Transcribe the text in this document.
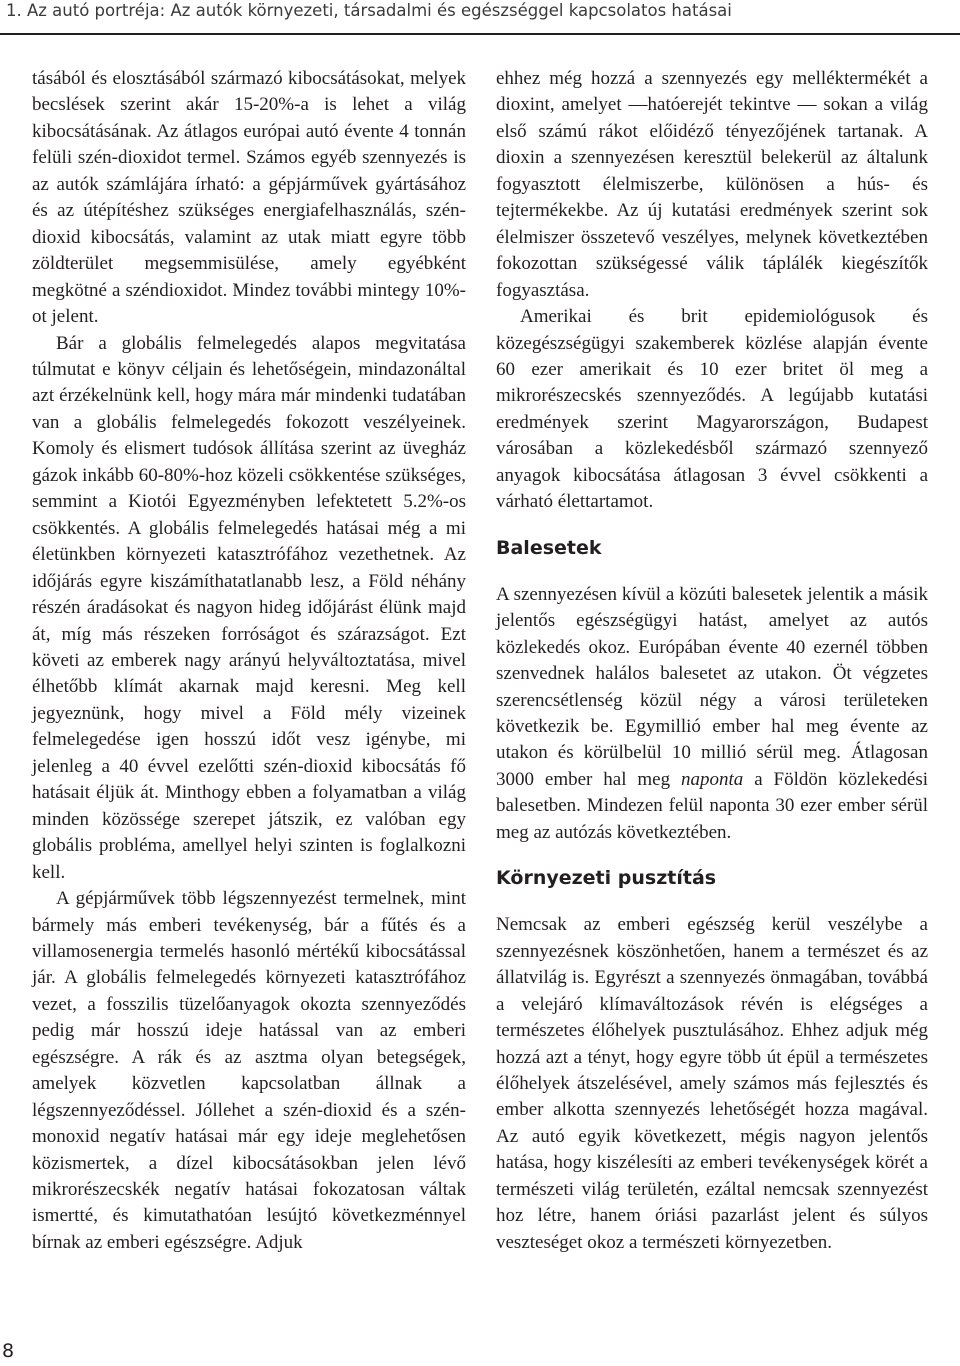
1. Az autó portréja: Az autók környezeti, társadalmi és egészséggel kapcsolatos hatásai

tásából és elosztásából származó kibocsátásokat, melyek becslések szerint akár 15-20%-a is lehet a világ kibocsátásának. Az átlagos európai autó évente 4 tonnán felüli szén-dioxidot termel. Számos egyéb szennyezés is az autók számlájára írható: a gépjárművek gyártásához és az útépítéshez szükséges energiafelhasználás, szén-dioxid kibocsátás, valamint az utak miatt egyre több zöldterület megsemmisülése, amely egyébként megkötné a széndioxidot. Mindez további mintegy 10%-ot jelent.

Bár a globális felmelegedés alapos megvitatása túlmutat e könyv céljain és lehetőségein, mindazonáltal azt érzékelnünk kell, hogy mára már mindenki tudatában van a globális felmelegedés fokozott veszélyeinek. Komoly és elismert tudósok állítása szerint az üvegház gázok inkább 60-80%-hoz közeli csökkentése szükséges, semmint a Kiotói Egyezményben lefektetett 5.2%-os csökkentés. A globális felmelegedés hatásai még a mi életünkben környezeti katasztrófához vezethetnek. Az időjárás egyre kiszámíthatatlanabb lesz, a Föld néhány részén áradásokat és nagyon hideg időjárást élünk majd át, míg más részeken forróságot és szárazságot. Ezt követi az emberek nagy arányú helyváltoztatása, mivel élhetőbb klímát akarnak majd keresni. Meg kell jegyeznünk, hogy mivel a Föld mély vizeinek felmelegedése igen hosszú időt vesz igénybe, mi jelenleg a 40 évvel ezelőtti szén-dioxid kibocsátás fő hatásait éljük át. Minthogy ebben a folyamatban a világ minden közössége szerepet játszik, ez valóban egy globális probléma, amellyel helyi szinten is foglalkozni kell.

A gépjárművek több légszennyezést termelnek, mint bármely más emberi tevékenység, bár a fűtés és a villamosenergia termelés hasonló mértékű kibocsátással jár. A globális felmelegedés környezeti katasztrófához vezet, a fosszilis tüzelőanyagok okozta szennyeződés pedig már hosszú ideje hatással van az emberi egészségre. A rák és az asztma olyan betegségek, amelyek közvetlen kapcsolatban állnak a légszennyeződéssel. Jóllehet a szén-dioxid és a szén-monoxid negatív hatásai már egy ideje meglehetősen közismertek, a dízel kibocsátásokban jelen lévő mikrorészecskék negatív hatásai fokozatosan váltak ismertté, és kimutathatóan lesújtó következménnyel bírnak az emberi egészségre. Adjuk

ehhez még hozzá a szennyezés egy melléktermékét a dioxint, amelyet —hatóerejét tekintve — sokan a világ első számú rákot előidéző tényezőjének tartanak. A dioxin a szennyezésen keresztül belekerül az általunk fogyasztott élelmiszerbe, különösen a hús- és tejtermékekbe. Az új kutatási eredmények szerint sok élelmiszer összetevő veszélyes, melynek következtében fokozottan szükségessé válik táplálék kiegészítők fogyasztása.

Amerikai és brit epidemiológusok és közegészségügyi szakemberek közlése alapján évente 60 ezer amerikait és 10 ezer britet öl meg a mikrorészecskés szennyeződés. A legújabb kutatási eredmények szerint Magyarországon, Budapest városában a közlekedésből származó szennyező anyagok kibocsátása átlagosan 3 évvel csökkenti a várható élettartamot.

Balesetek

A szennyezésen kívül a közúti balesetek jelentik a másik jelentős egészségügyi hatást, amelyet az autós közlekedés okoz. Európában évente 40 ezernél többen szenvednek halálos balesetet az utakon. Öt végzetes szerencsétlenség közül négy a városi területeken következik be. Egymillió ember hal meg évente az utakon és körülbelül 10 millió sérül meg. Átlagosan 3000 ember hal meg naponta a Földön közlekedési balesetben. Mindezen felül naponta 30 ezer ember sérül meg az autózás következtében.

Környezeti pusztítás

Nemcsak az emberi egészség kerül veszélybe a szennyezésnek köszönhetően, hanem a természet és az állatvilág is. Egyrészt a szennyezés önmagában, továbbá a velejáró klímaváltozások révén is elégséges a természetes élőhelyek pusztulásához. Ehhez adjuk még hozzá azt a tényt, hogy egyre több út épül a természetes élőhelyek átszelésével, amely számos más fejlesztés és ember alkotta szennyezés lehetőségét hozza magával. Az autó egyik következett, mégis nagyon jelentős hatása, hogy kiszélesíti az emberi tevékenységek körét a természeti világ területén, ezáltal nemcsak szennyezést hoz létre, hanem óriási pazarlást jelent és súlyos veszteséget okoz a természeti környezetben.

8
